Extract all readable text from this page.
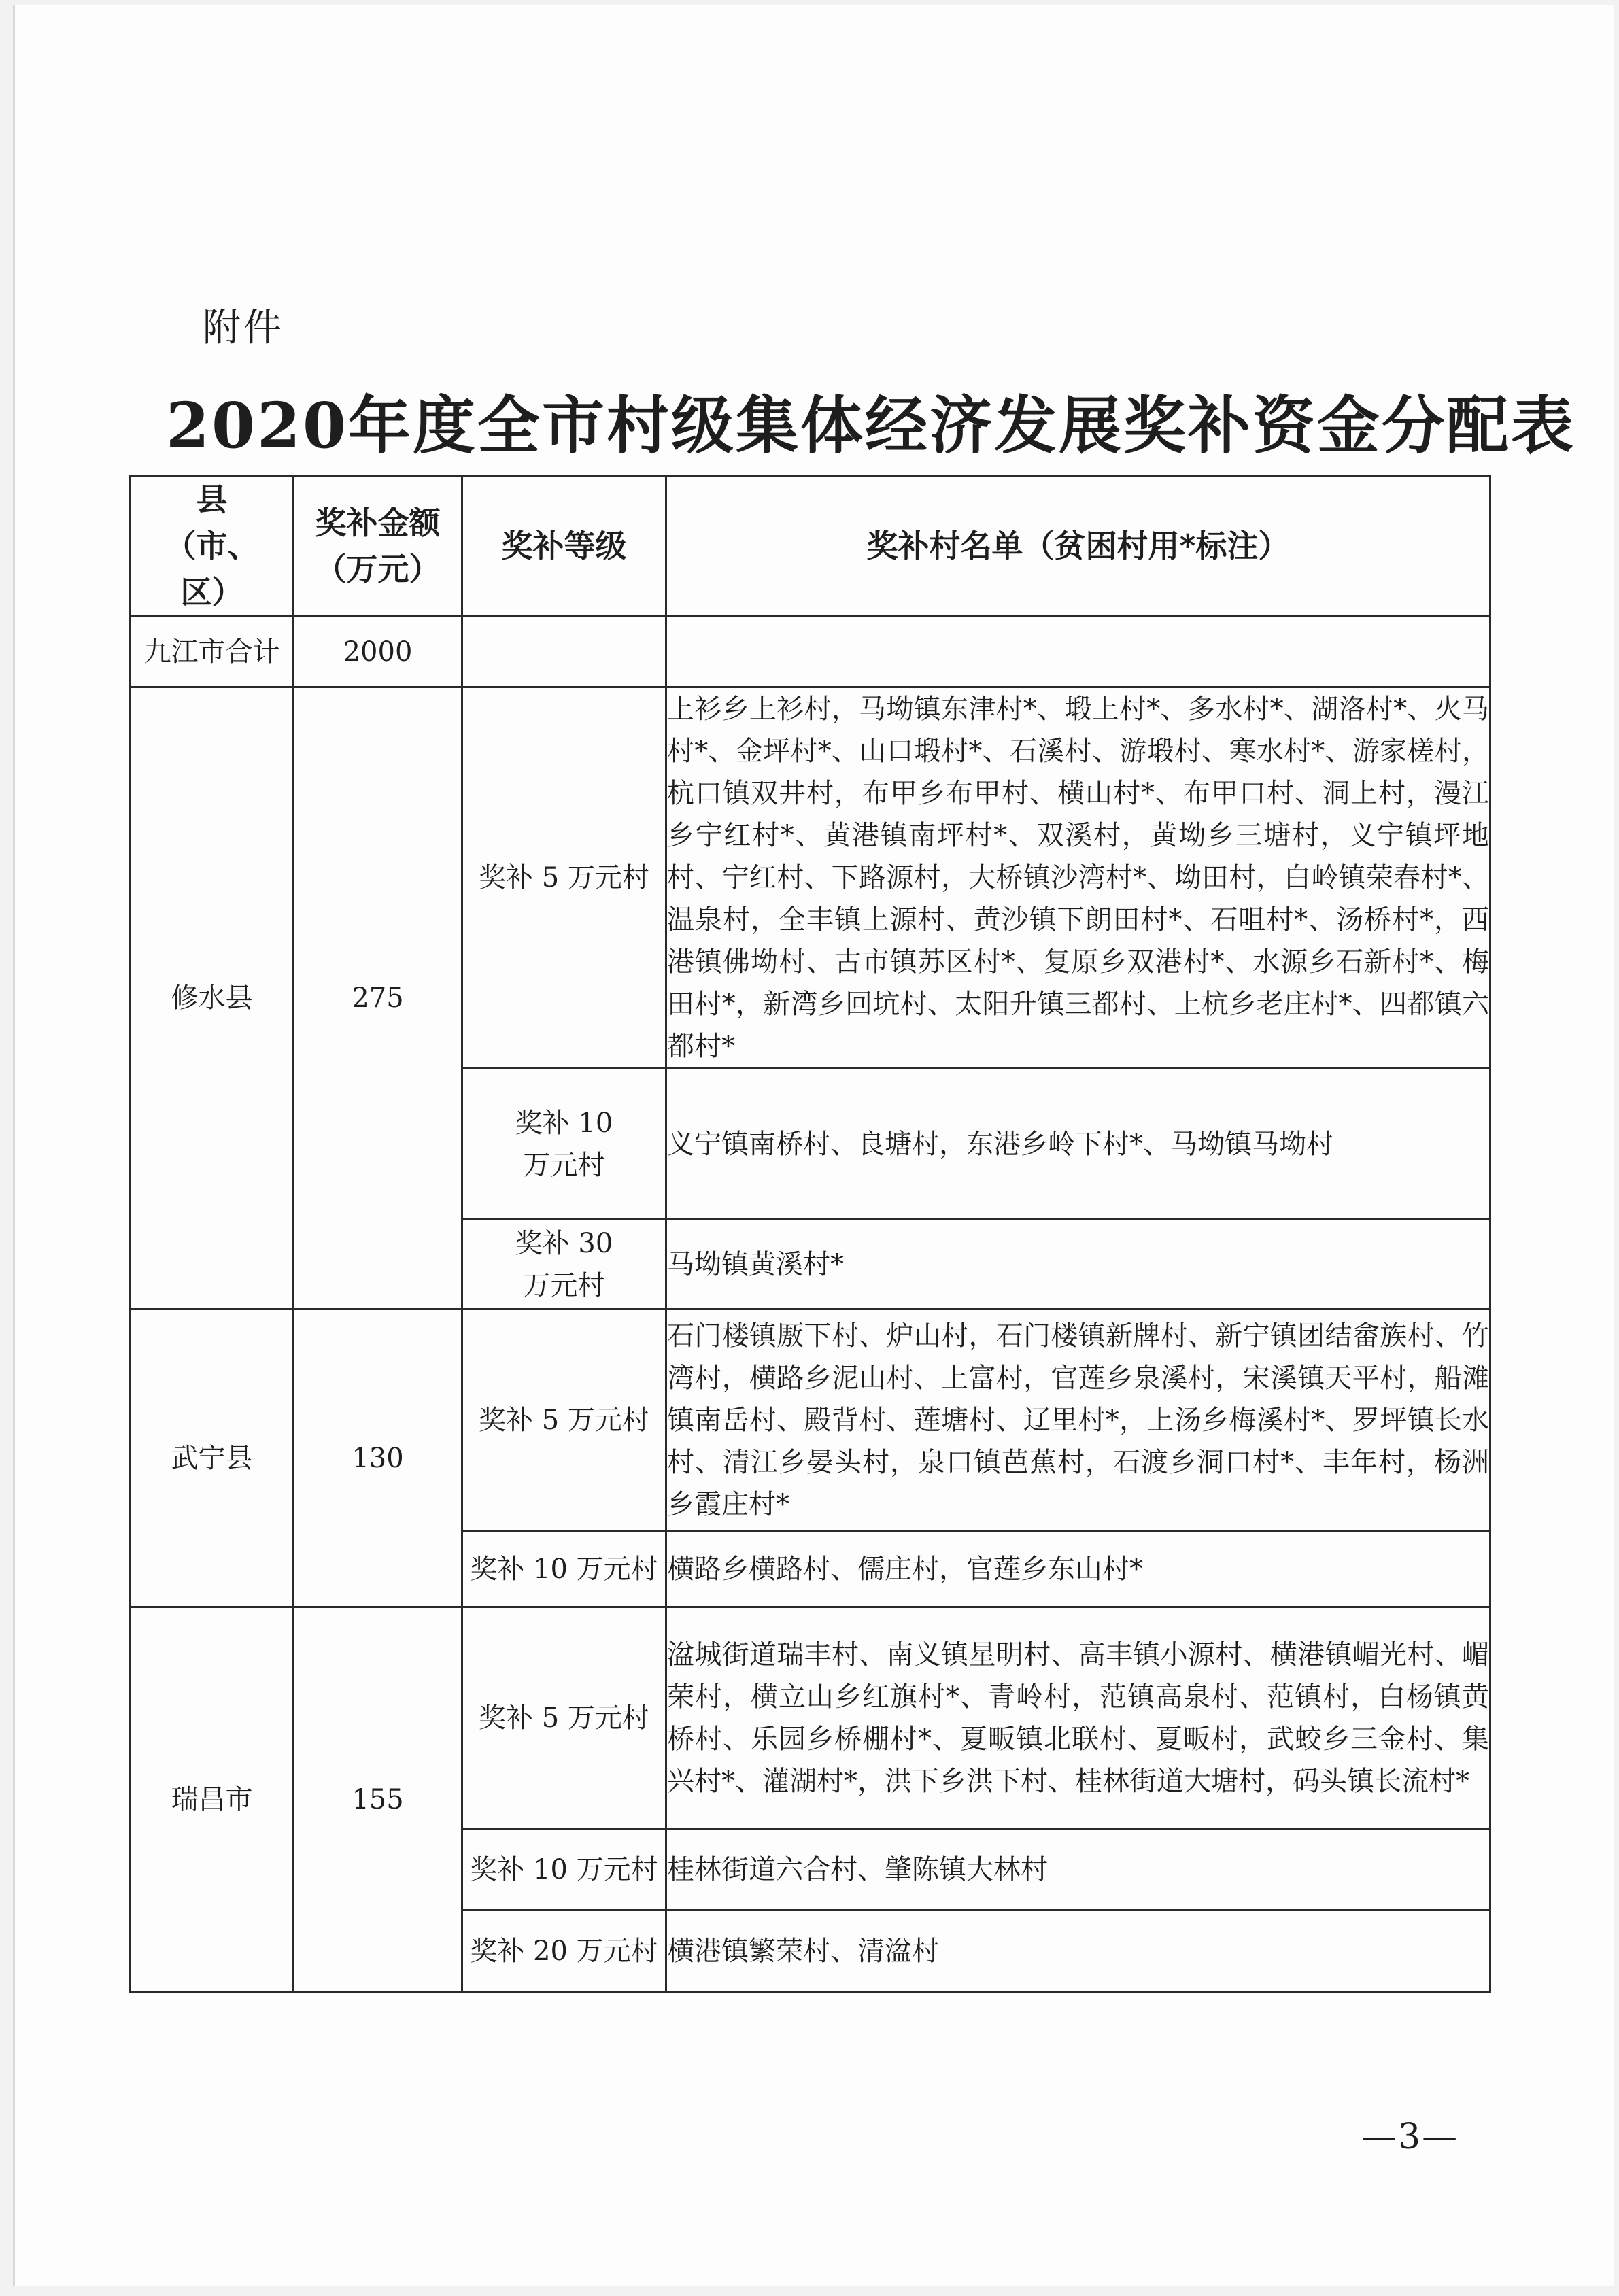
附件
2020年度全市村级集体经济发展奖补资金分配表
县（市、区）	奖补金额（万元）	奖补等级	奖补村名单（贫困村用*标注）
九江市合计	2000		
修水县	275	奖补 5 万元村	上衫乡上衫村，马坳镇东津村*、塅上村*、多水村*、湖洛村*、火马村*、金坪村*、山口塅村*、石溪村、游塅村、寒水村*、游家槎村，杭口镇双井村，布甲乡布甲村、横山村*、布甲口村、洞上村，漫江乡宁红村*、黄港镇南坪村*、双溪村，黄坳乡三塘村，义宁镇坪地村、宁红村、下路源村，大桥镇沙湾村*、坳田村，白岭镇荣春村*、温泉村，全丰镇上源村、黄沙镇下朗田村*、石咀村*、汤桥村*，西港镇佛坳村、古市镇苏区村*、复原乡双港村*、水源乡石新村*、梅田村*，新湾乡回坑村、太阳升镇三都村、上杭乡老庄村*、四都镇六都村*
		奖补 10 万元村	义宁镇南桥村、良塘村，东港乡岭下村*、马坳镇马坳村
		奖补 30 万元村	马坳镇黄溪村*
武宁县	130	奖补 5 万元村	石门楼镇厫下村、炉山村，石门楼镇新牌村、新宁镇团结畲族村、竹湾村，横路乡泥山村、上富村，官莲乡泉溪村，宋溪镇天平村，船滩镇南岳村、殿背村、莲塘村、辽里村*，上汤乡梅溪村*、罗坪镇长水村、清江乡晏头村，泉口镇芭蕉村，石渡乡洞口村*、丰年村，杨洲乡霞庄村*
		奖补 10 万元村	横路乡横路村、儒庄村，官莲乡东山村*
瑞昌市	155	奖补 5 万元村	湓城街道瑞丰村、南义镇星明村、高丰镇小源村、横港镇嵋光村、嵋荣村，横立山乡红旗村*、青岭村，范镇高泉村、范镇村，白杨镇黄桥村、乐园乡桥棚村*、夏畈镇北联村、夏畈村，武蛟乡三金村、集兴村*、灌湖村*，洪下乡洪下村、桂林街道大塘村，码头镇长流村*
		奖补 10 万元村	桂林街道六合村、肇陈镇大林村
		奖补 20 万元村	横港镇繁荣村、清湓村
—3—
